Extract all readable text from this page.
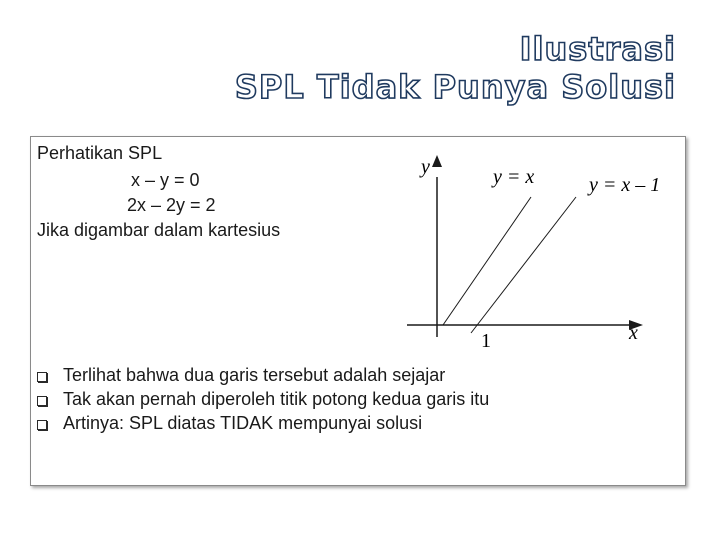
Ilustrasi
SPL Tidak Punya Solusi
Perhatikan SPL
x – y = 0
2x – 2y = 2
Jika digambar dalam kartesius
y
x
y = x	y = x – 1
1
Terlihat bahwa dua garis tersebut adalah sejajar
Tak akan pernah diperoleh titik potong kedua garis itu
Artinya: SPL diatas TIDAK mempunyai solusi
